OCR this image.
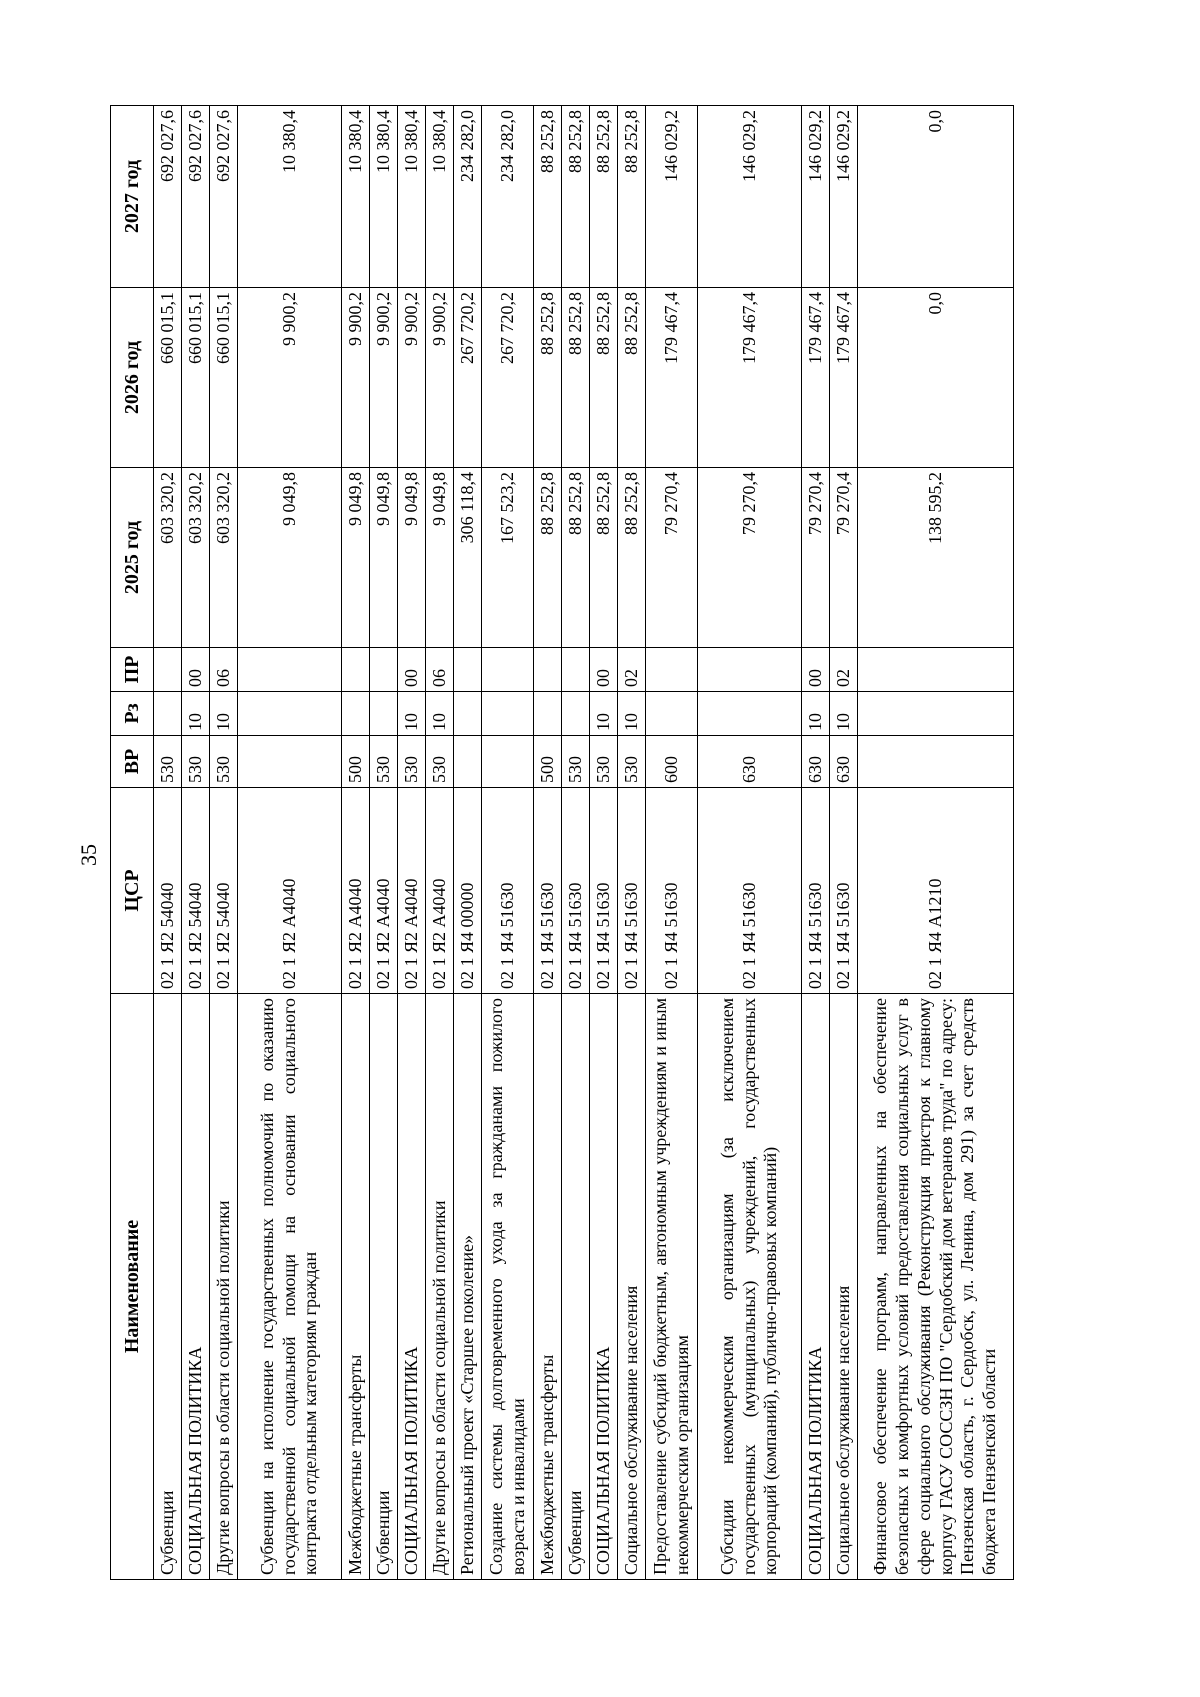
35
Наименование	ЦСР	ВР	Рз	ПР	2025 год	2026 год	2027 год
Субвенции	02 1 Я2 54040	530			603 320,2	660 015,1	692 027,6
СОЦИАЛЬНАЯ ПОЛИТИКА	02 1 Я2 54040	530	10	00	603 320,2	660 015,1	692 027,6
Другие вопросы в области социальной политики	02 1 Я2 54040	530	10	06	603 320,2	660 015,1	692 027,6
Субвенции на исполнение государственных полномочий по оказанию государственной социальной помощи на основании социального контракта отдельным категориям граждан	02 1 Я2 А4040				9 049,8	9 900,2	10 380,4
Межбюджетные трансферты	02 1 Я2 А4040	500			9 049,8	9 900,2	10 380,4
Субвенции	02 1 Я2 А4040	530			9 049,8	9 900,2	10 380,4
СОЦИАЛЬНАЯ ПОЛИТИКА	02 1 Я2 А4040	530	10	00	9 049,8	9 900,2	10 380,4
Другие вопросы в области социальной политики	02 1 Я2 А4040	530	10	06	9 049,8	9 900,2	10 380,4
Региональный проект «Старшее поколение»	02 1 Я4 00000				306 118,4	267 720,2	234 282,0
Создание системы долговременного ухода за гражданами пожилого возраста и инвалидами	02 1 Я4 51630				167 523,2	267 720,2	234 282,0
Межбюджетные трансферты	02 1 Я4 51630	500			88 252,8	88 252,8	88 252,8
Субвенции	02 1 Я4 51630	530			88 252,8	88 252,8	88 252,8
СОЦИАЛЬНАЯ ПОЛИТИКА	02 1 Я4 51630	530	10	00	88 252,8	88 252,8	88 252,8
Социальное обслуживание населения	02 1 Я4 51630	530	10	02	88 252,8	88 252,8	88 252,8
Предоставление субсидий бюджетным, автономным учреждениям и иным некоммерческим организациям	02 1 Я4 51630	600			79 270,4	179 467,4	146 029,2
Субсидии некоммерческим организациям (за исключением государственных (муниципальных) учреждений, государственных корпораций (компаний), публично-правовых компаний)	02 1 Я4 51630	630			79 270,4	179 467,4	146 029,2
СОЦИАЛЬНАЯ ПОЛИТИКА	02 1 Я4 51630	630	10	00	79 270,4	179 467,4	146 029,2
Социальное обслуживание населения	02 1 Я4 51630	630	10	02	79 270,4	179 467,4	146 029,2
Финансовое обеспечение программ, направленных на обеспечение безопасных и комфортных условий предоставления социальных услуг в сфере социального обслуживания (Реконструкция пристроя к главному корпусу ГАСУ СОССЗН ПО "Сердобский дом ветеранов труда" по адресу: Пензенская область, г. Сердобск, ул. Ленина, дом 291) за счет средств бюджета Пензенской области	02 1 Я4 А1210				138 595,2	0,0	0,0
